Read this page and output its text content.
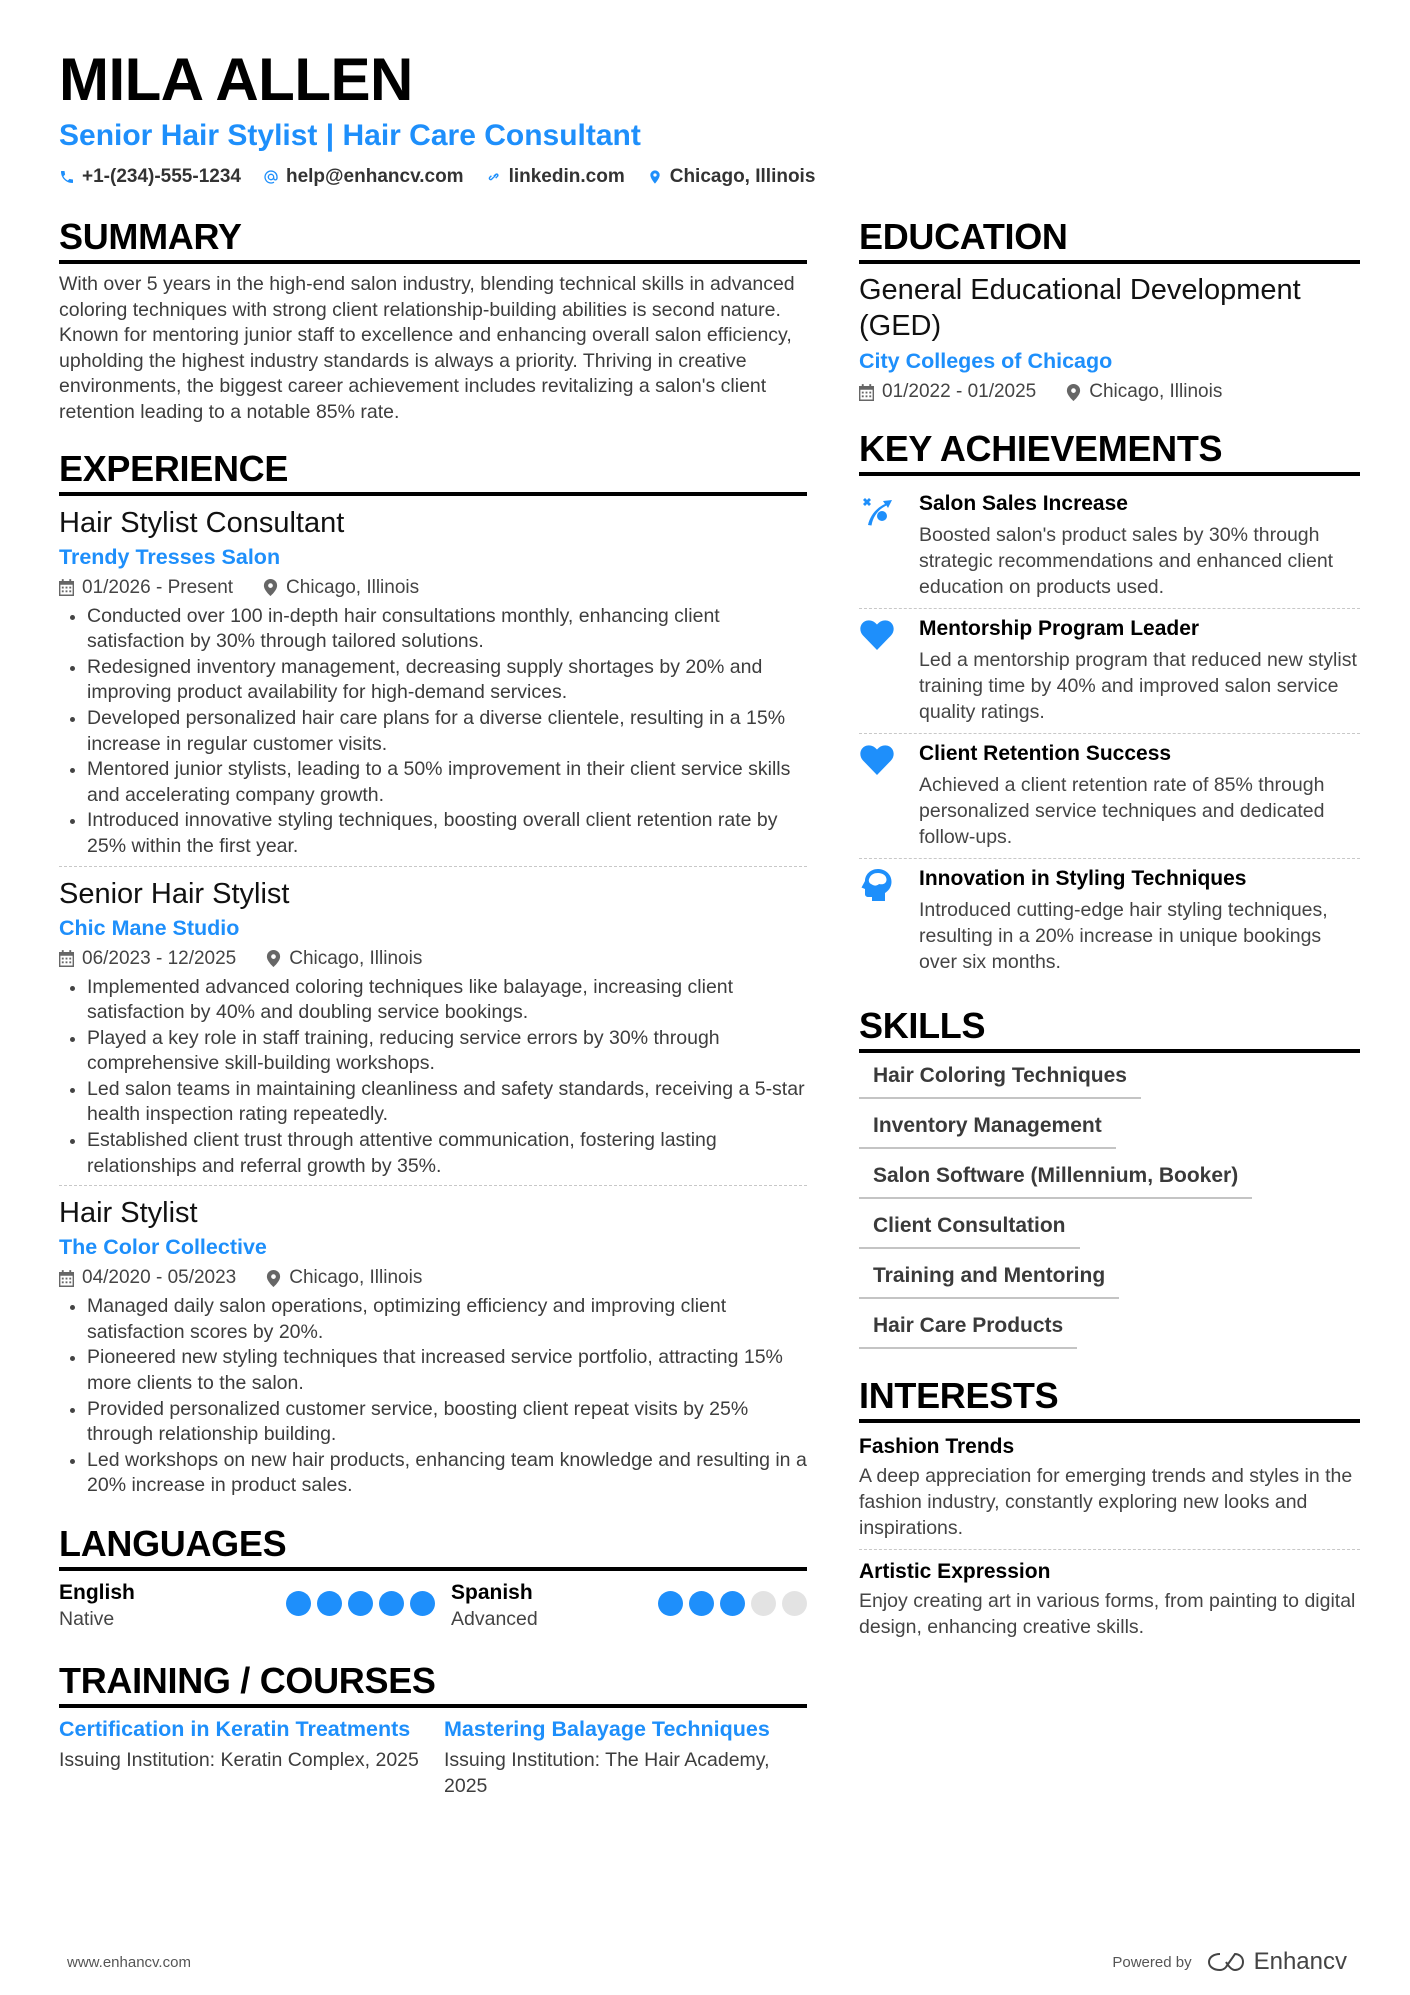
MILA ALLEN
Senior Hair Stylist | Hair Care Consultant
+1-(234)-555-1234 help@enhancv.com linkedin.com Chicago, Illinois
SUMMARY

With over 5 years in the high-end salon industry, blending technical skills in advanced coloring techniques with strong client relationship-building abilities is second nature. Known for mentoring junior staff to excellence and enhancing overall salon efficiency, upholding the highest industry standards is always a priority. Thriving in creative environments, the biggest career achievement includes revitalizing a salon's client retention leading to a notable 85% rate.

EXPERIENCE
Hair Stylist Consultant
Trendy Tresses Salon
01/2026 - Present	Chicago, Illinois
Conducted over 100 in-depth hair consultations monthly, enhancing client satisfaction by 30% through tailored solutions.
Redesigned inventory management, decreasing supply shortages by 20% and improving product availability for high-demand services.
Developed personalized hair care plans for a diverse clientele, resulting in a 15% increase in regular customer visits.
Mentored junior stylists, leading to a 50% improvement in their client service skills and accelerating company growth.
Introduced innovative styling techniques, boosting overall client retention rate by 25% within the first year.
Senior Hair Stylist
Chic Mane Studio
06/2023 - 12/2025	Chicago, Illinois
Implemented advanced coloring techniques like balayage, increasing client satisfaction by 40% and doubling service bookings.
Played a key role in staff training, reducing service errors by 30% through comprehensive skill-building workshops.
Led salon teams in maintaining cleanliness and safety standards, receiving a 5-star health inspection rating repeatedly.
Established client trust through attentive communication, fostering lasting relationships and referral growth by 35%.
Hair Stylist
The Color Collective
04/2020 - 05/2023	Chicago, Illinois
Managed daily salon operations, optimizing efficiency and improving client satisfaction scores by 20%.
Pioneered new styling techniques that increased service portfolio, attracting 15% more clients to the salon.
Provided personalized customer service, boosting client repeat visits by 25% through relationship building.
Led workshops on new hair products, enhancing team knowledge and resulting in a 20% increase in product sales.
LANGUAGES
English
Native
Spanish
Advanced
TRAINING / COURSES
Certification in Keratin Treatments
Issuing Institution: Keratin Complex, 2025
Mastering Balayage Techniques
Issuing Institution: The Hair Academy, 2025
EDUCATION
General Educational Development (GED)
City Colleges of Chicago
01/2022 - 01/2025	Chicago, Illinois
KEY ACHIEVEMENTS
Salon Sales Increase
Boosted salon's product sales by 30% through strategic recommendations and enhanced client education on products used.
Mentorship Program Leader
Led a mentorship program that reduced new stylist training time by 40% and improved salon service quality ratings.
Client Retention Success
Achieved a client retention rate of 85% through personalized service techniques and dedicated follow-ups.
Innovation in Styling Techniques
Introduced cutting-edge hair styling techniques, resulting in a 20% increase in unique bookings over six months.
SKILLS
Hair Coloring Techniques
Inventory Management
Salon Software (Millennium, Booker)
Client Consultation
Training and Mentoring
Hair Care Products
INTERESTS
Fashion Trends
A deep appreciation for emerging trends and styles in the fashion industry, constantly exploring new looks and inspirations.
Artistic Expression
Enjoy creating art in various forms, from painting to digital design, enhancing creative skills.
www.enhancv.com	Powered by	Enhancv
